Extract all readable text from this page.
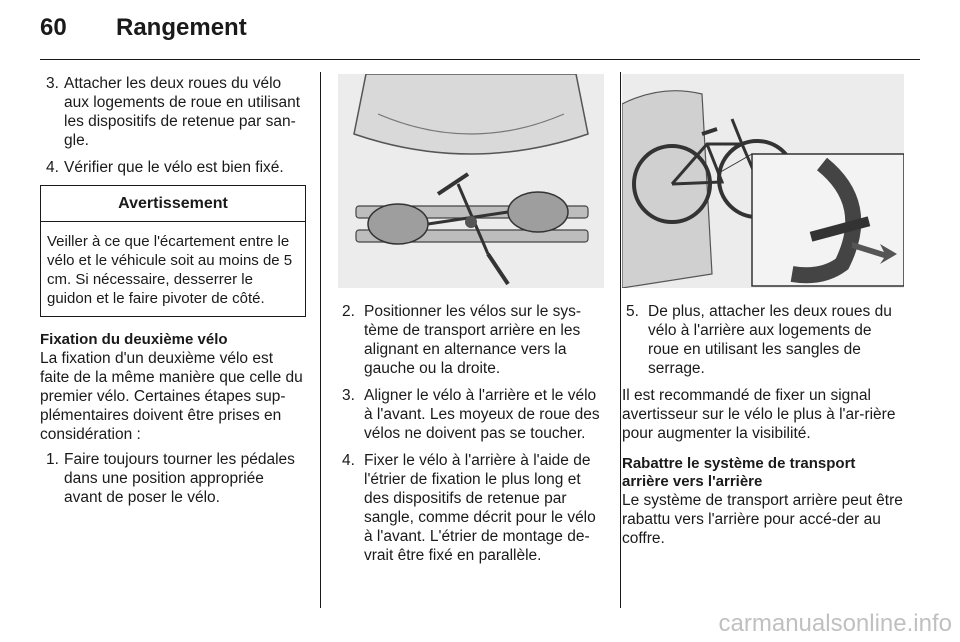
60 Rangement
3. Attacher les deux roues du vélo aux logements de roue en utilisant les dispositifs de retenue par san-gle.
4. Vérifier que le vélo est bien fixé.
Avertissement
Veiller à ce que l'écartement entre le vélo et le véhicule soit au moins de 5 cm. Si nécessaire, desserrer le guidon et le faire pivoter de côté.
Fixation du deuxième vélo
La fixation d'un deuxième vélo est faite de la même manière que celle du premier vélo. Certaines étapes sup-plémentaires doivent être prises en considération :
1. Faire toujours tourner les pédales dans une position appropriée avant de poser le vélo.
2. Positionner les vélos sur le sys-tème de transport arrière en les alignant en alternance vers la gauche ou la droite.
3. Aligner le vélo à l'arrière et le vélo à l'avant. Les moyeux de roue des vélos ne doivent pas se toucher.
4. Fixer le vélo à l'arrière à l'aide de l'étrier de fixation le plus long et des dispositifs de retenue par sangle, comme décrit pour le vélo à l'avant. L'étrier de montage de-vrait être fixé en parallèle.
5. De plus, attacher les deux roues du vélo à l'arrière aux logements de roue en utilisant les sangles de serrage.
Il est recommandé de fixer un signal avertisseur sur le vélo le plus à l'ar-rière pour augmenter la visibilité.
Rabattre le système de transport arrière vers l'arrière
Le système de transport arrière peut être rabattu vers l'arrière pour accé-der au coffre.
carmanualsonline.info
